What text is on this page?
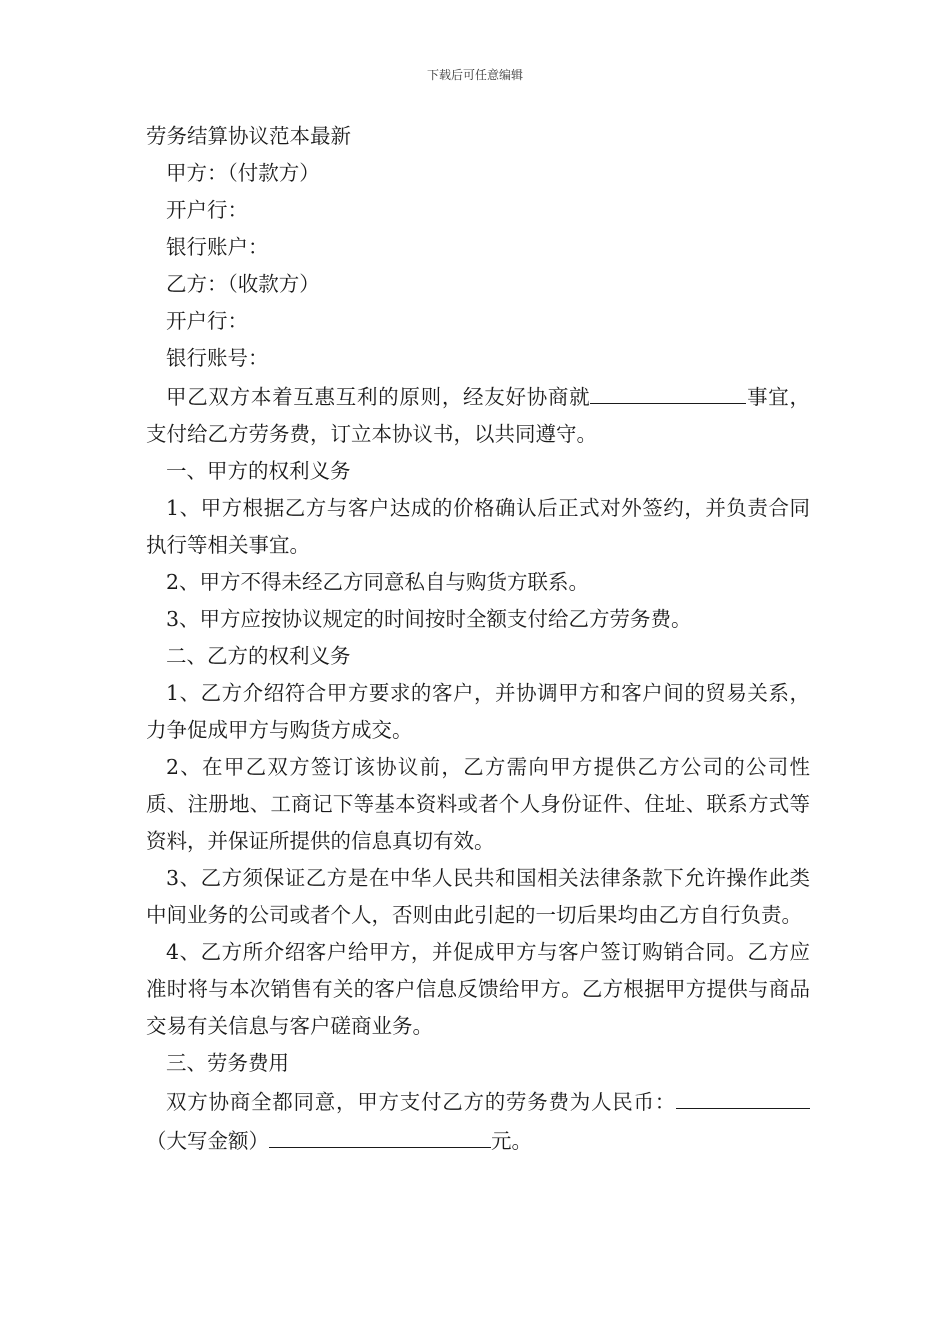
下载后可任意编辑

劳务结算协议范本最新

甲方：（付款方）

开户行：

银行账户：

乙方：（收款方）

开户行：

银行账号：

甲乙双方本着互惠互利的原则，经友好协商就	事宜，支付给乙方劳务费，订立本协议书，以共同遵守。

一、甲方的权利义务

1、甲方根据乙方与客户达成的价格确认后正式对外签约，并负责合同执行等相关事宜。

2、甲方不得未经乙方同意私自与购货方联系。

3、甲方应按协议规定的时间按时全额支付给乙方劳务费。

二、乙方的权利义务

1、乙方介绍符合甲方要求的客户，并协调甲方和客户间的贸易关系，力争促成甲方与购货方成交。

2、在甲乙双方签订该协议前，乙方需向甲方提供乙方公司的公司性质、注册地、工商记下等基本资料或者个人身份证件、住址、联系方式等资料，并保证所提供的信息真切有效。

3、乙方须保证乙方是在中华人民共和国相关法律条款下允许操作此类中间业务的公司或者个人，否则由此引起的一切后果均由乙方自行负责。

4、乙方所介绍客户给甲方，并促成甲方与客户签订购销合同。乙方应准时将与本次销售有关的客户信息反馈给甲方。乙方根据甲方提供与商品交易有关信息与客户磋商业务。

三、劳务费用

双方协商全都同意，甲方支付乙方的劳务费为人民币：（大写金额）	元。
